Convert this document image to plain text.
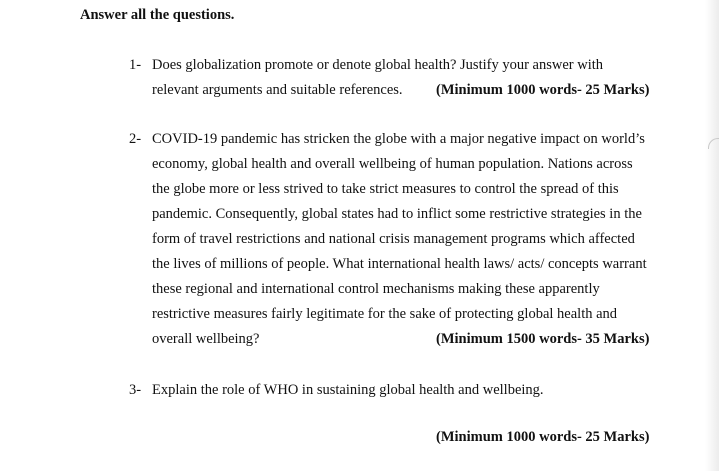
Answer all the questions.
1- Does globalization promote or denote global health? Justify your answer with
relevant arguments and suitable references. (Minimum 1000 words- 25 Marks)
2- COVID-19 pandemic has stricken the globe with a major negative impact on world’s
economy, global health and overall wellbeing of human population. Nations across
the globe more or less strived to take strict measures to control the spread of this
pandemic. Consequently, global states had to inflict some restrictive strategies in the
form of travel restrictions and national crisis management programs which affected
the lives of millions of people. What international health laws/ acts/ concepts warrant
these regional and international control mechanisms making these apparently
restrictive measures fairly legitimate for the sake of protecting global health and
overall wellbeing?	(Minimum 1500 words- 35 Marks)
3- Explain the role of WHO in sustaining global health and wellbeing.
(Minimum 1000 words- 25 Marks)
